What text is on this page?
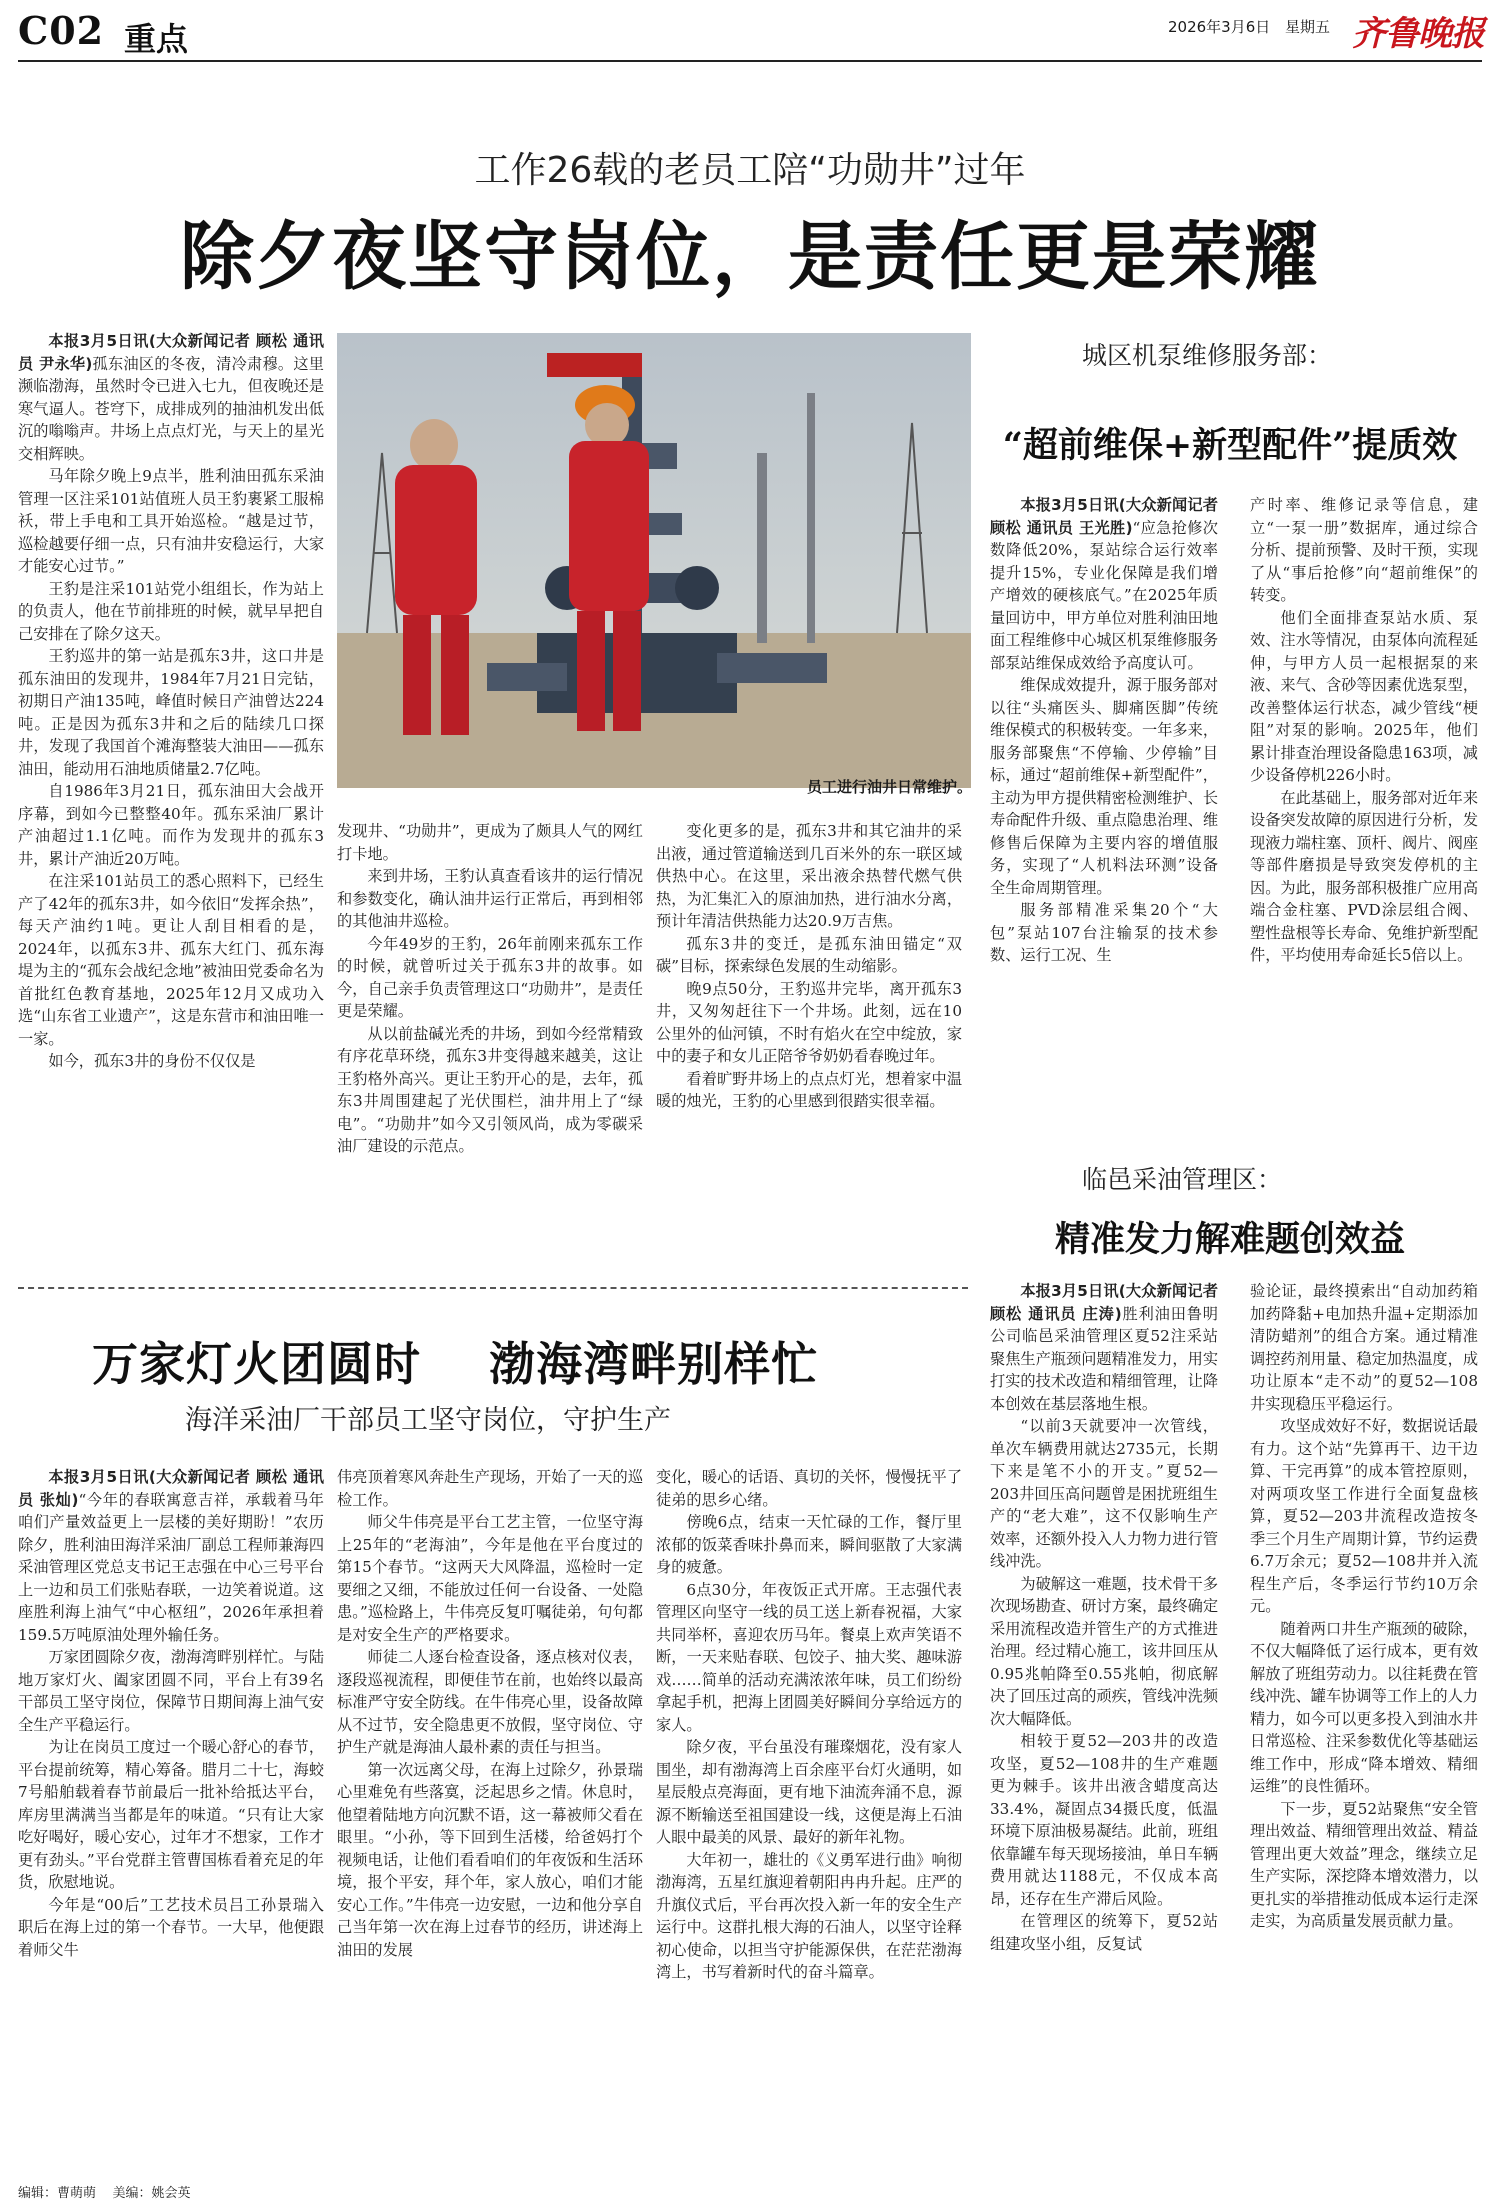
C02 重点	2026年3月6日 星期五 齐鲁晚报
工作26载的老员工陪“功勋井”过年
除夕夜坚守岗位，是责任更是荣耀

本报3月5日讯(大众新闻记者 顾松 通讯员 尹永华)孤东油区的冬夜，清冷肃穆。这里濒临渤海，虽然时令已进入七九，但夜晚还是寒气逼人。苍穹下，成排成列的抽油机发出低沉的嗡嗡声。井场上点点灯光，与天上的星光交相辉映。

马年除夕晚上9点半，胜利油田孤东采油管理一区注采101站值班人员王豹裹紧工服棉袄，带上手电和工具开始巡检。“越是过节，巡检越要仔细一点，只有油井安稳运行，大家才能安心过节。”

王豹是注采101站党小组组长，作为站上的负责人，他在节前排班的时候，就早早把自己安排在了除夕这天。

王豹巡井的第一站是孤东3井，这口井是孤东油田的发现井，1984年7月21日完钻，初期日产油135吨，峰值时候日产油曾达224吨。正是因为孤东3井和之后的陆续几口探井，发现了我国首个滩海整装大油田——孤东油田，能动用石油地质储量2.7亿吨。

自1986年3月21日，孤东油田大会战开序幕，到如今已整整40年。孤东采油厂累计产油超过1.1亿吨。而作为发现井的孤东3井，累计产油近20万吨。

在注采101站员工的悉心照料下，已经生产了42年的孤东3井，如今依旧“发挥余热”，每天产油约1吨。更让人刮目相看的是，2024年，以孤东3井、孤东大红门、孤东海堤为主的“孤东会战纪念地”被油田党委命名为首批红色教育基地，2025年12月又成功入选“山东省工业遗产”，这是东营市和油田唯一一家。

如今，孤东3井的身份不仅仅是

员工进行油井日常维护。

发现井、“功勋井”，更成为了颇具人气的网红打卡地。

来到井场，王豹认真查看该井的运行情况和参数变化，确认油井运行正常后，再到相邻的其他油井巡检。

今年49岁的王豹，26年前刚来孤东工作的时候，就曾听过关于孤东3井的故事。如今，自己亲手负责管理这口“功勋井”，是责任更是荣耀。

从以前盐碱光秃的井场，到如今经常精致有序花草环绕，孤东3井变得越来越美，这让王豹格外高兴。更让王豹开心的是，去年，孤东3井周围建起了光伏围栏，油井用上了“绿电”。“功勋井”如今又引领风尚，成为零碳采油厂建设的示范点。

变化更多的是，孤东3井和其它油井的采出液，通过管道输送到几百米外的东一联区域供热中心。在这里，采出液余热替代燃气供热，为汇集汇入的原油加热，进行油水分离，预计年清洁供热能力达20.9万吉焦。

孤东3井的变迁，是孤东油田锚定“双碳”目标，探索绿色发展的生动缩影。

晚9点50分，王豹巡井完毕，离开孤东3井，又匆匆赶往下一个井场。此刻，远在10公里外的仙河镇，不时有焰火在空中绽放，家中的妻子和女儿正陪爷爷奶奶看春晚过年。

看着旷野井场上的点点灯光，想着家中温暖的烛光，王豹的心里感到很踏实很幸福。

城区机泵维修服务部：
“超前维保+新型配件”提质效

本报3月5日讯(大众新闻记者 顾松 通讯员 王光胜)“应急抢修次数降低20%，泵站综合运行效率提升15%，专业化保障是我们增产增效的硬核底气。”在2025年质量回访中，甲方单位对胜利油田地面工程维修中心城区机泵维修服务部泵站维保成效给予高度认可。

维保成效提升，源于服务部对以往“头痛医头、脚痛医脚”传统维保模式的积极转变。一年多来，服务部聚焦“不停输、少停输”目标，通过“超前维保+新型配件”，主动为甲方提供精密检测维护、长寿命配件升级、重点隐患治理、维修售后保障为主要内容的增值服务，实现了“人机料法环测”设备全生命周期管理。

服务部精准采集20个“大包”泵站107台注输泵的技术参数、运行工况、生

产时率、维修记录等信息，建立“一泵一册”数据库，通过综合分析、提前预警、及时干预，实现了从“事后抢修”向“超前维保”的转变。

他们全面排查泵站水质、泵效、注水等情况，由泵体向流程延伸，与甲方人员一起根据泵的来液、来气、含砂等因素优选泵型，改善整体运行状态，减少管线“梗阻”对泵的影响。2025年，他们累计排查治理设备隐患163项，减少设备停机226小时。

在此基础上，服务部对近年来设备突发故障的原因进行分析，发现液力端柱塞、顶杆、阀片、阀座等部件磨损是导致突发停机的主因。为此，服务部积极推广应用高端合金柱塞、PVD涂层组合阀、塑性盘根等长寿命、免维护新型配件，平均使用寿命延长5倍以上。

临邑采油管理区：
精准发力解难题创效益

本报3月5日讯(大众新闻记者 顾松 通讯员 庄涛)胜利油田鲁明公司临邑采油管理区夏52注采站聚焦生产瓶颈问题精准发力，用实打实的技术改造和精细管理，让降本创效在基层落地生根。

“以前3天就要冲一次管线，单次车辆费用就达2735元，长期下来是笔不小的开支。”夏52—203井回压高问题曾是困扰班组生产的“老大难”，这不仅影响生产效率，还额外投入人力物力进行管线冲洗。

为破解这一难题，技术骨干多次现场勘查、研讨方案，最终确定采用流程改造并管生产的方式推进治理。经过精心施工，该井回压从0.95兆帕降至0.55兆帕，彻底解决了回压过高的顽疾，管线冲洗频次大幅降低。

相较于夏52—203井的改造攻坚，夏52—108井的生产难题更为棘手。该井出液含蜡度高达33.4%，凝固点34摄氏度，低温环境下原油极易凝结。此前，班组依靠罐车每天现场接油，单日车辆费用就达1188元，不仅成本高昂，还存在生产滞后风险。

在管理区的统筹下，夏52站组建攻坚小组，反复试

验论证，最终摸索出“自动加药箱加药降黏+电加热升温+定期添加清防蜡剂”的组合方案。通过精准调控药剂用量、稳定加热温度，成功让原本“走不动”的夏52—108井实现稳压平稳运行。

攻坚成效好不好，数据说话最有力。这个站“先算再干、边干边算、干完再算”的成本管控原则，对两项攻坚工作进行全面复盘核算，夏52—203井流程改造按冬季三个月生产周期计算，节约运费6.7万余元；夏52—108井并入流程生产后，冬季运行节约10万余元。

随着两口井生产瓶颈的破除，不仅大幅降低了运行成本，更有效解放了班组劳动力。以往耗费在管线冲洗、罐车协调等工作上的人力精力，如今可以更多投入到油水井日常巡检、注采参数优化等基础运维工作中，形成“降本增效、精细运维”的良性循环。

下一步，夏52站聚焦“安全管理出效益、精细管理出效益、精益管理出更大效益”理念，继续立足生产实际，深挖降本增效潜力，以更扎实的举措推动低成本运行走深走实，为高质量发展贡献力量。

万家灯火团圆时 渤海湾畔别样忙
海洋采油厂干部员工坚守岗位，守护生产

本报3月5日讯(大众新闻记者 顾松 通讯员 张灿)“今年的春联寓意吉祥，承载着马年咱们产量效益更上一层楼的美好期盼！”农历除夕，胜利油田海洋采油厂副总工程师兼海四采油管理区党总支书记王志强在中心三号平台上一边和员工们张贴春联，一边笑着说道。这座胜利海上油气“中心枢纽”，2026年承担着159.5万吨原油处理外输任务。

万家团圆除夕夜，渤海湾畔别样忙。与陆地万家灯火、阖家团圆不同，平台上有39名干部员工坚守岗位，保障节日期间海上油气安全生产平稳运行。

为让在岗员工度过一个暖心舒心的春节，平台提前统筹，精心筹备。腊月二十七，海蛟7号船舶载着春节前最后一批补给抵达平台，库房里满满当当都是年的味道。“只有让大家吃好喝好，暖心安心，过年才不想家，工作才更有劲头。”平台党群主管曹国栋看着充足的年货，欣慰地说。

今年是“00后”工艺技术员吕工孙景瑞入职后在海上过的第一个春节。一大早，他便跟着师父牛

伟亮顶着寒风奔赴生产现场，开始了一天的巡检工作。

师父牛伟亮是平台工艺主管，一位坚守海上25年的“老海油”，今年是他在平台度过的第15个春节。“这两天大风降温，巡检时一定要细之又细，不能放过任何一台设备、一处隐患。”巡检路上，牛伟亮反复叮嘱徒弟，句句都是对安全生产的严格要求。

师徒二人逐台检查设备，逐点核对仪表，逐段巡视流程，即便佳节在前，也始终以最高标准严守安全防线。在牛伟亮心里，设备故障从不过节，安全隐患更不放假，坚守岗位、守护生产就是海油人最朴素的责任与担当。

第一次远离父母，在海上过除夕，孙景瑞心里难免有些落寞，泛起思乡之情。休息时，他望着陆地方向沉默不语，这一幕被师父看在眼里。“小孙，等下回到生活楼，给爸妈打个视频电话，让他们看看咱们的年夜饭和生活环境，报个平安，拜个年，家人放心，咱们才能安心工作。”牛伟亮一边安慰，一边和他分享自己当年第一次在海上过春节的经历，讲述海上油田的发展

变化，暖心的话语、真切的关怀，慢慢抚平了徒弟的思乡心绪。

傍晚6点，结束一天忙碌的工作，餐厅里浓郁的饭菜香味扑鼻而来，瞬间驱散了大家满身的疲惫。

6点30分，年夜饭正式开席。王志强代表管理区向坚守一线的员工送上新春祝福，大家共同举杯，喜迎农历马年。餐桌上欢声笑语不断，一天来贴春联、包饺子、抽大奖、趣味游戏……简单的活动充满浓浓年味，员工们纷纷拿起手机，把海上团圆美好瞬间分享给远方的家人。

除夕夜，平台虽没有璀璨烟花，没有家人围坐，却有渤海湾上百余座平台灯火通明，如星辰般点亮海面，更有地下油流奔涌不息，源源不断输送至祖国建设一线，这便是海上石油人眼中最美的风景、最好的新年礼物。

大年初一，雄壮的《义勇军进行曲》响彻渤海湾，五星红旗迎着朝阳冉冉升起。庄严的升旗仪式后，平台再次投入新一年的安全生产运行中。这群扎根大海的石油人，以坚守诠释初心使命，以担当守护能源保供，在茫茫渤海湾上，书写着新时代的奋斗篇章。

编辑：曹萌萌 美编：姚会英
